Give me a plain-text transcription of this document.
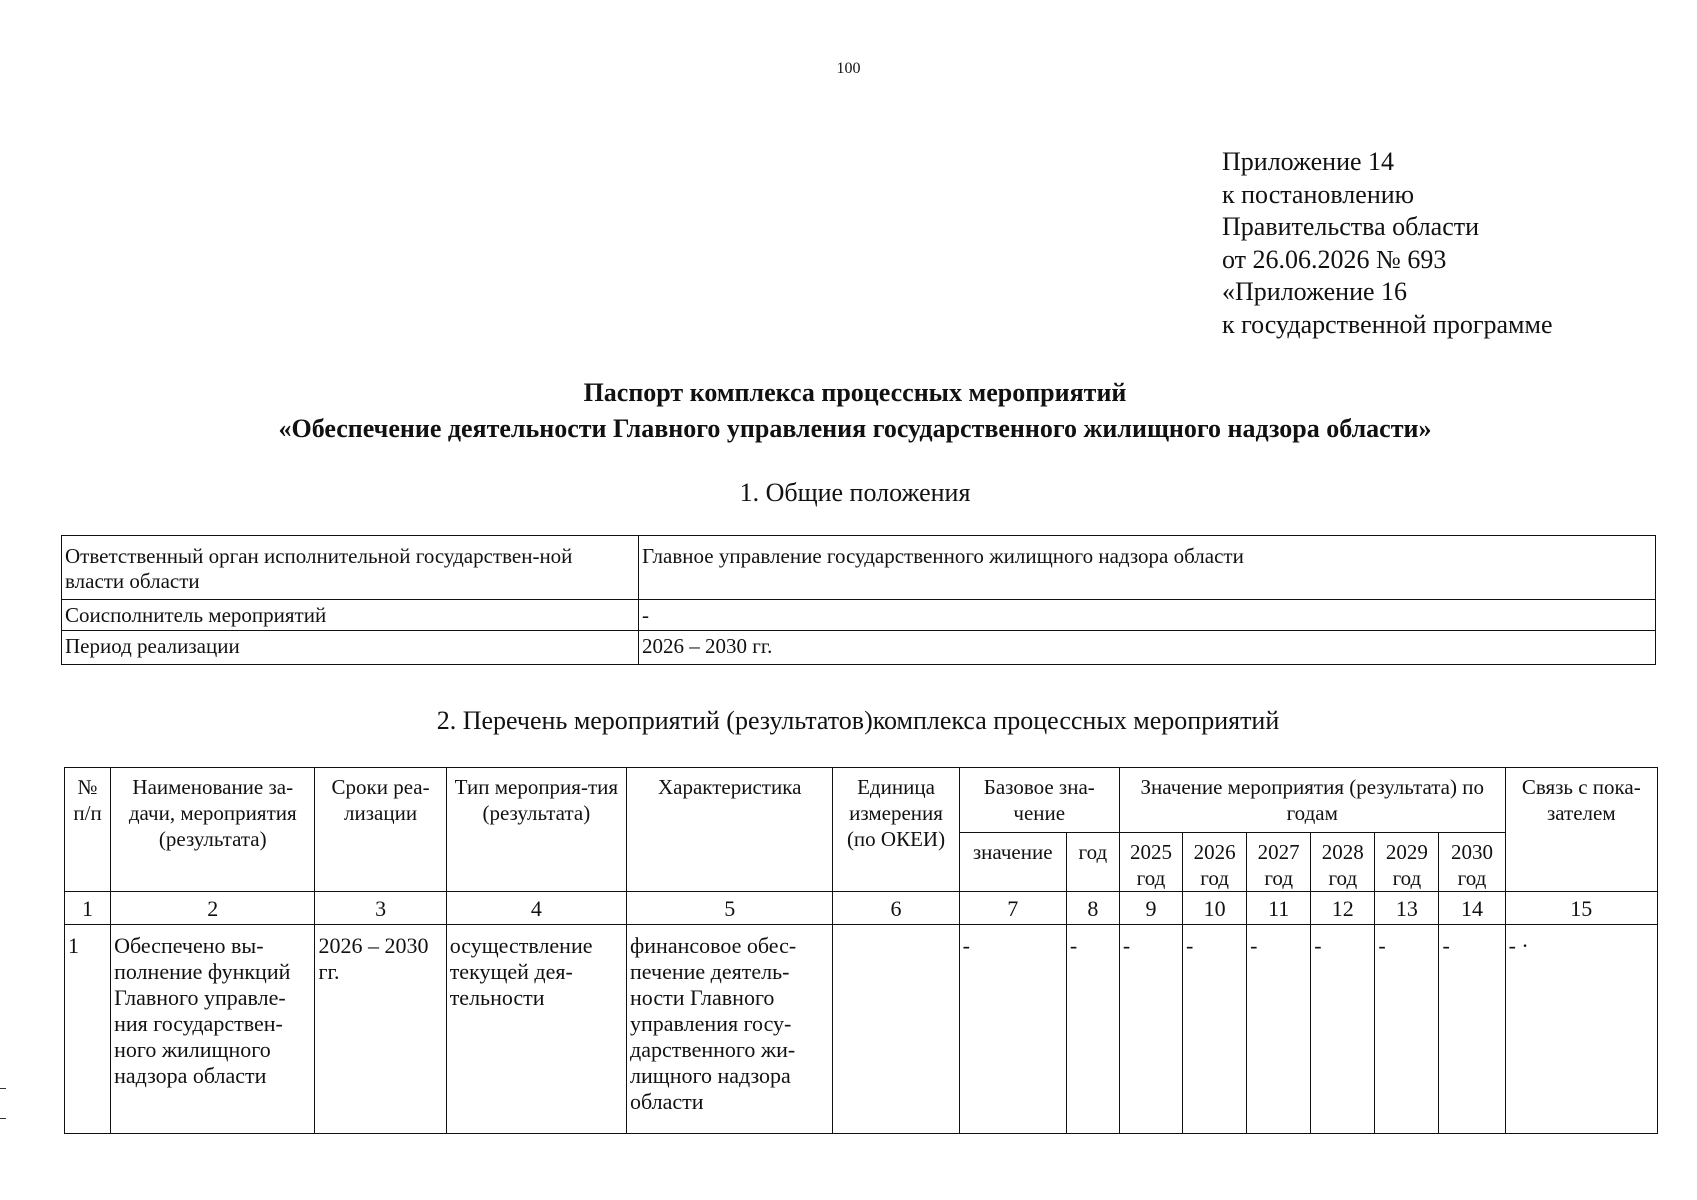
100
Приложение 14
к постановлению
Правительства области
от 26.06.2026 № 693
«Приложение 16
к государственной программе
Паспорт комплекса процессных мероприятий
«Обеспечение деятельности Главного управления государственного жилищного надзора области»
1. Общие положения
Ответственный орган исполнительной государствен-ной власти области	Главное управление государственного жилищного надзора области
Соисполнитель мероприятий	-
Период реализации	2026 – 2030 гг.
2. Перечень мероприятий (результатов)комплекса процессных мероприятий
№ п/п	Наименование за-дачи, мероприятия (результата)	Сроки реа-лизации	Тип мероприя-тия (результата)	Характеристика	Единица измерения (по ОКЕИ)	Базовое зна-чение		Значение мероприятия (результата) по годам						Связь с пока-зателем
						значение	год	2025 год	2026 год	2027 год	2028 год	2029 год	2030 год	

1	2	3	4	5	6	7	8	9	10	11	12	13	14	15
1	Обеспечено вы-полнение функций Главного управле-ния государствен-ного жилищного надзора области	2026 – 2030 гг.	осуществление текущей дея-тельности	финансовое обес-печение деятель-ности Главного управления госу-дарственного жи-лищного надзора области		-	-	-	-	-	-	-	-	- ·
